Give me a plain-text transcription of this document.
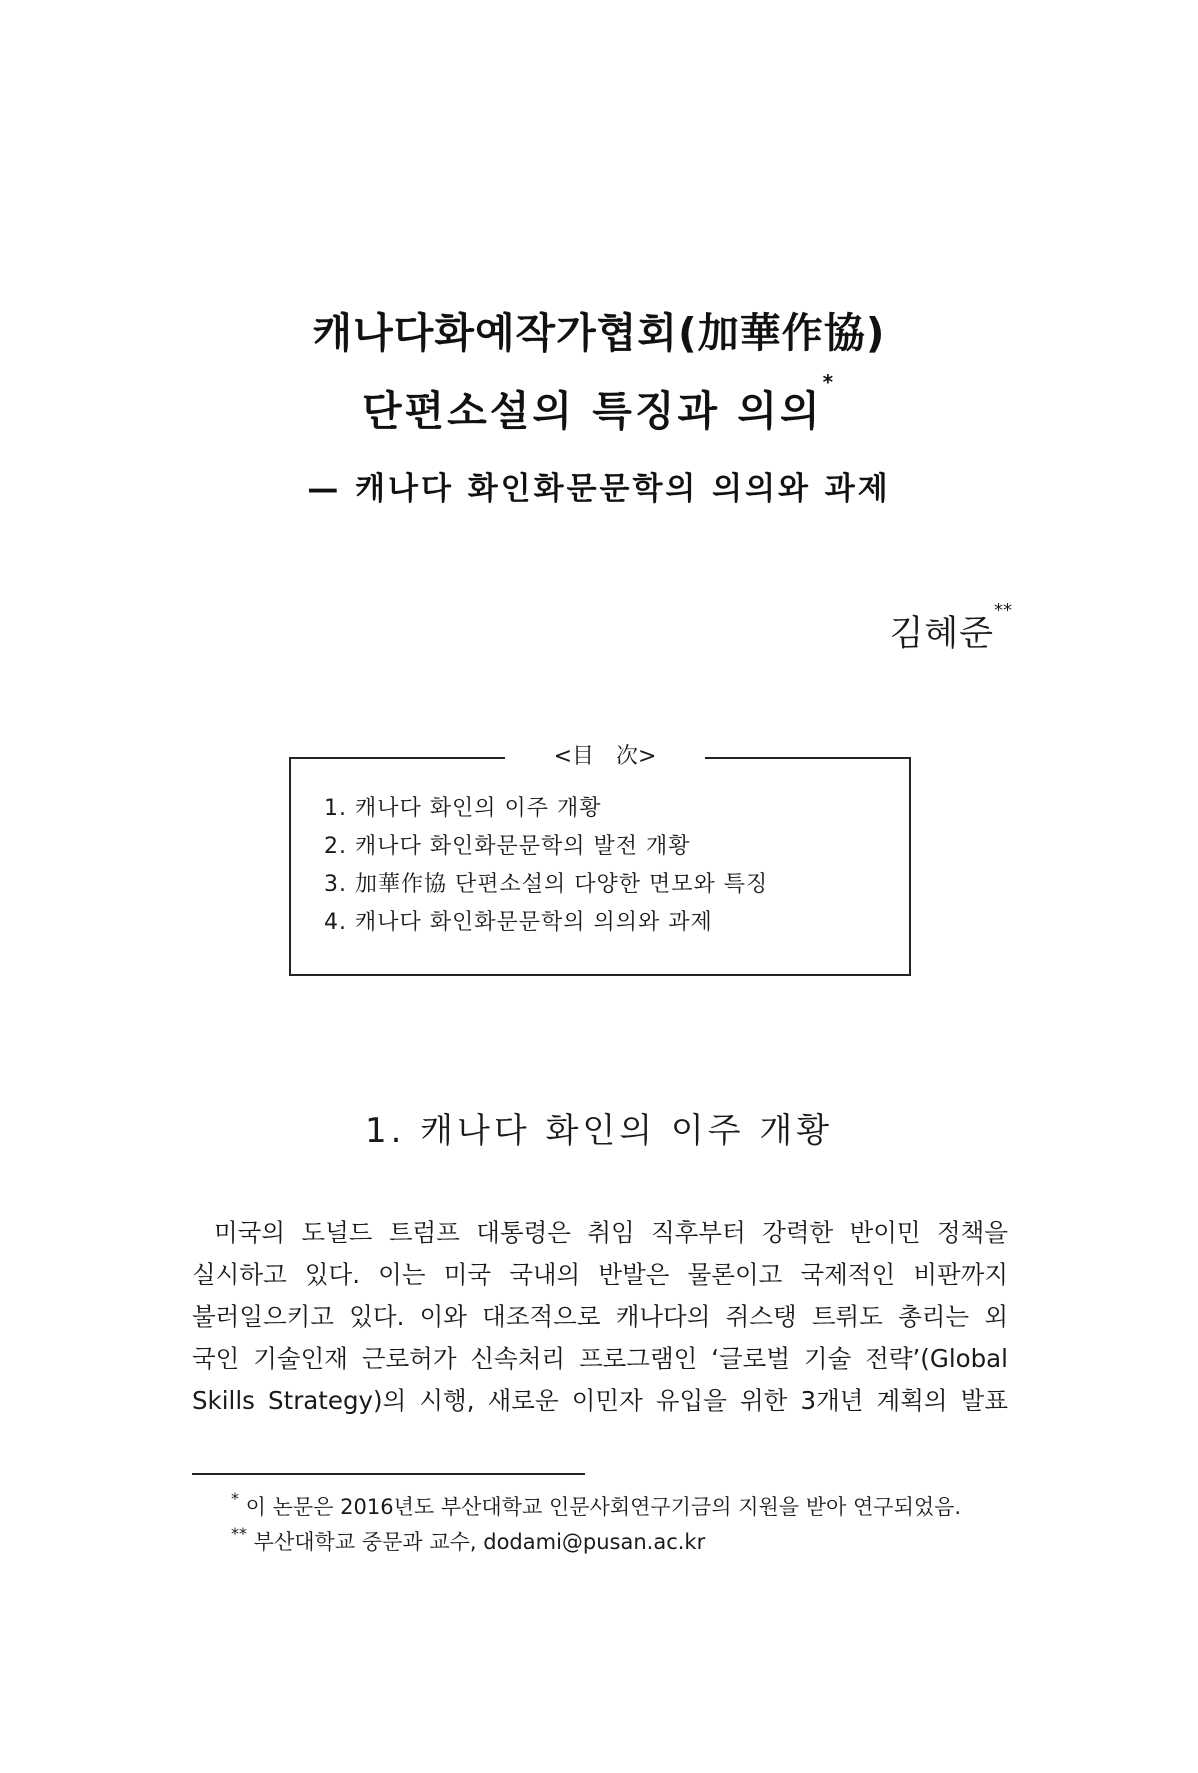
캐나다화예작가협회(加華作協)
단편소설의 특징과 의의*
— 캐나다 화인화문문학의 의의와 과제
김혜준**
<目　次>
1. 캐나다 화인의 이주 개황
2. 캐나다 화인화문문학의 발전 개황
3. 加華作協 단편소설의 다양한 면모와 특징
4. 캐나다 화인화문문학의 의의와 과제
1. 캐나다 화인의 이주 개황
미국의 도널드 트럼프 대통령은 취임 직후부터 강력한 반이민 정책을
실시하고 있다. 이는 미국 국내의 반발은 물론이고 국제적인 비판까지
불러일으키고 있다. 이와 대조적으로 캐나다의 쥐스탱 트뤼도 총리는 외
국인 기술인재 근로허가 신속처리 프로그램인 ‘글로벌 기술 전략’(Global
Skills Strategy)의 시행, 새로운 이민자 유입을 위한 3개년 계획의 발표
* 이 논문은 2016년도 부산대학교 인문사회연구기금의 지원을 받아 연구되었음.
** 부산대학교 중문과 교수, dodami@pusan.ac.kr
